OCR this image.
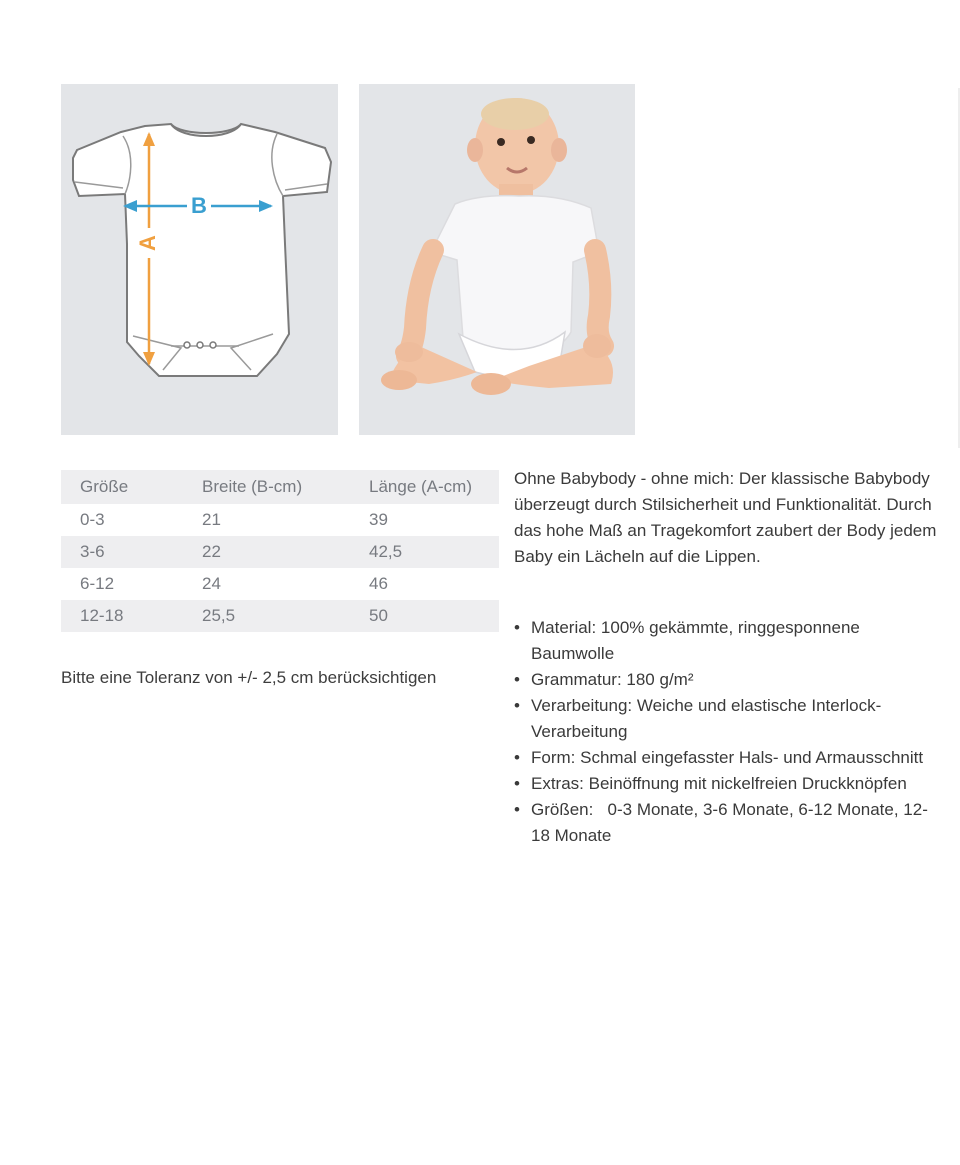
A
B
Größe	Breite (B-cm)	Länge (A-cm)
0-3	21	39
3-6	22	42,5
6-12	24	46
12-18	25,5	50
Bitte eine Toleranz von +/- 2,5 cm berücksichtigen

Ohne Babybody - ohne mich: Der klassische Babybody überzeugt durch Stilsicherheit und Funktionalität. Durch das hohe Maß an Tragekomfort zaubert der Body jedem Baby ein Lächeln auf die Lippen.

• Material: 100% gekämmte, ringgesponnene Baumwolle
• Grammatur: 180 g/m²
• Verarbeitung: Weiche und elastische Interlock-Verarbeitung
• Form: Schmal eingefasster Hals- und Armausschnitt
• Extras: Beinöffnung mit nickelfreien Druckknöpfen
• Größen:   0-3 Monate, 3-6 Monate, 6-12 Monate, 12-18 Monate
